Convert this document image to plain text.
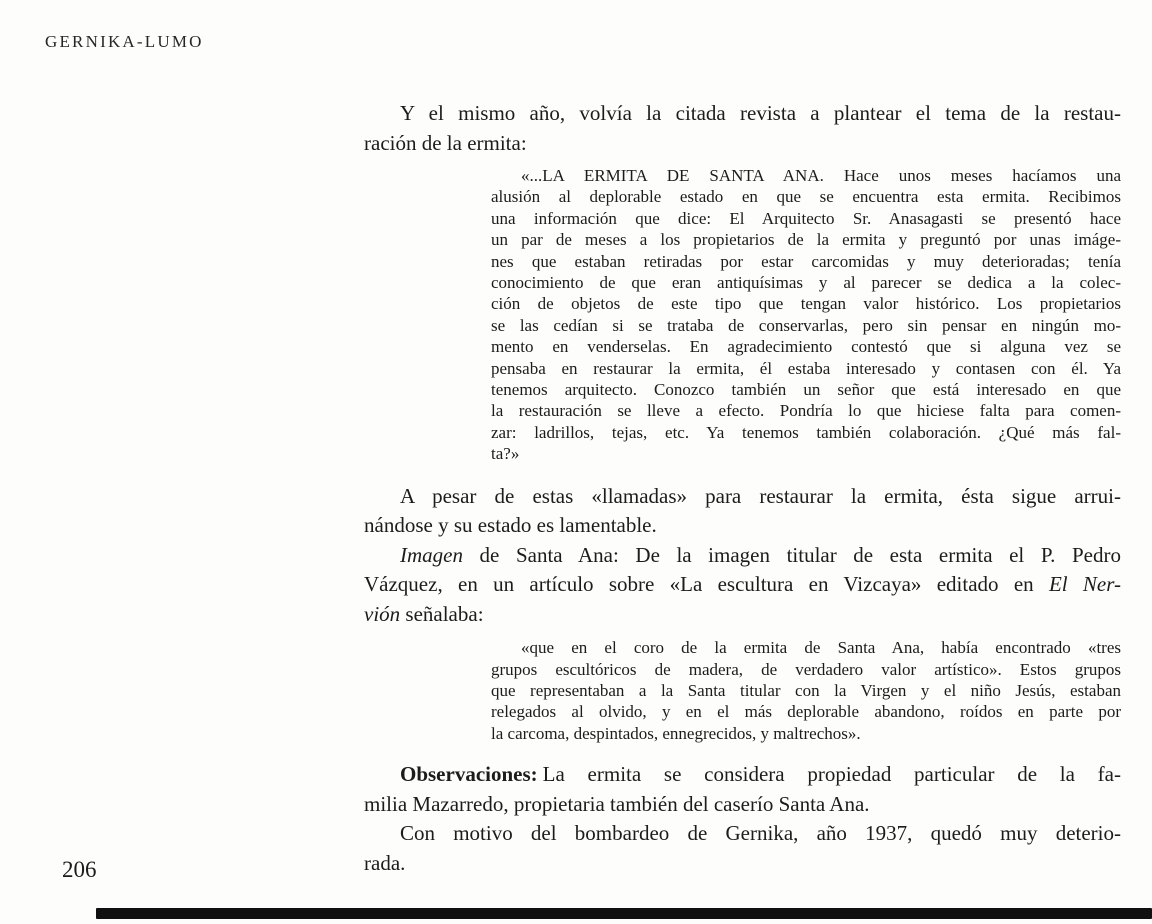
GERNIKA-LUMO
Y el mismo año, volvía la citada revista a plantear el tema de la restau-
ración de la ermita:
«...LA ERMITA DE SANTA ANA. Hace unos meses hacíamos una
alusión al deplorable estado en que se encuentra esta ermita. Recibimos
una información que dice: El Arquitecto Sr. Anasagasti se presentó hace
un par de meses a los propietarios de la ermita y preguntó por unas imáge-
nes que estaban retiradas por estar carcomidas y muy deterioradas; tenía
conocimiento de que eran antiquísimas y al parecer se dedica a la colec-
ción de objetos de este tipo que tengan valor histórico. Los propietarios
se las cedían si se trataba de conservarlas, pero sin pensar en ningún mo-
mento en venderselas. En agradecimiento contestó que si alguna vez se
pensaba en restaurar la ermita, él estaba interesado y contasen con él. Ya
tenemos arquitecto. Conozco también un señor que está interesado en que
la restauración se lleve a efecto. Pondría lo que hiciese falta para comen-
zar: ladrillos, tejas, etc. Ya tenemos también colaboración. ¿Qué más fal-
ta?»
A pesar de estas «llamadas» para restaurar la ermita, ésta sigue arrui-
nándose y su estado es lamentable.
Imagen de Santa Ana: De la imagen titular de esta ermita el P. Pedro
Vázquez, en un artículo sobre «La escultura en Vizcaya» editado en El Ner-
vión señalaba:
«que en el coro de la ermita de Santa Ana, había encontrado «tres
grupos escultóricos de madera, de verdadero valor artístico». Estos grupos
que representaban a la Santa titular con la Virgen y el niño Jesús, estaban
relegados al olvido, y en el más deplorable abandono, roídos en parte por
la carcoma, despintados, ennegrecidos, y maltrechos».
Observaciones: La ermita se considera propiedad particular de la fa-
milia Mazarredo, propietaria también del caserío Santa Ana.
Con motivo del bombardeo de Gernika, año 1937, quedó muy deterio-
rada.
206
